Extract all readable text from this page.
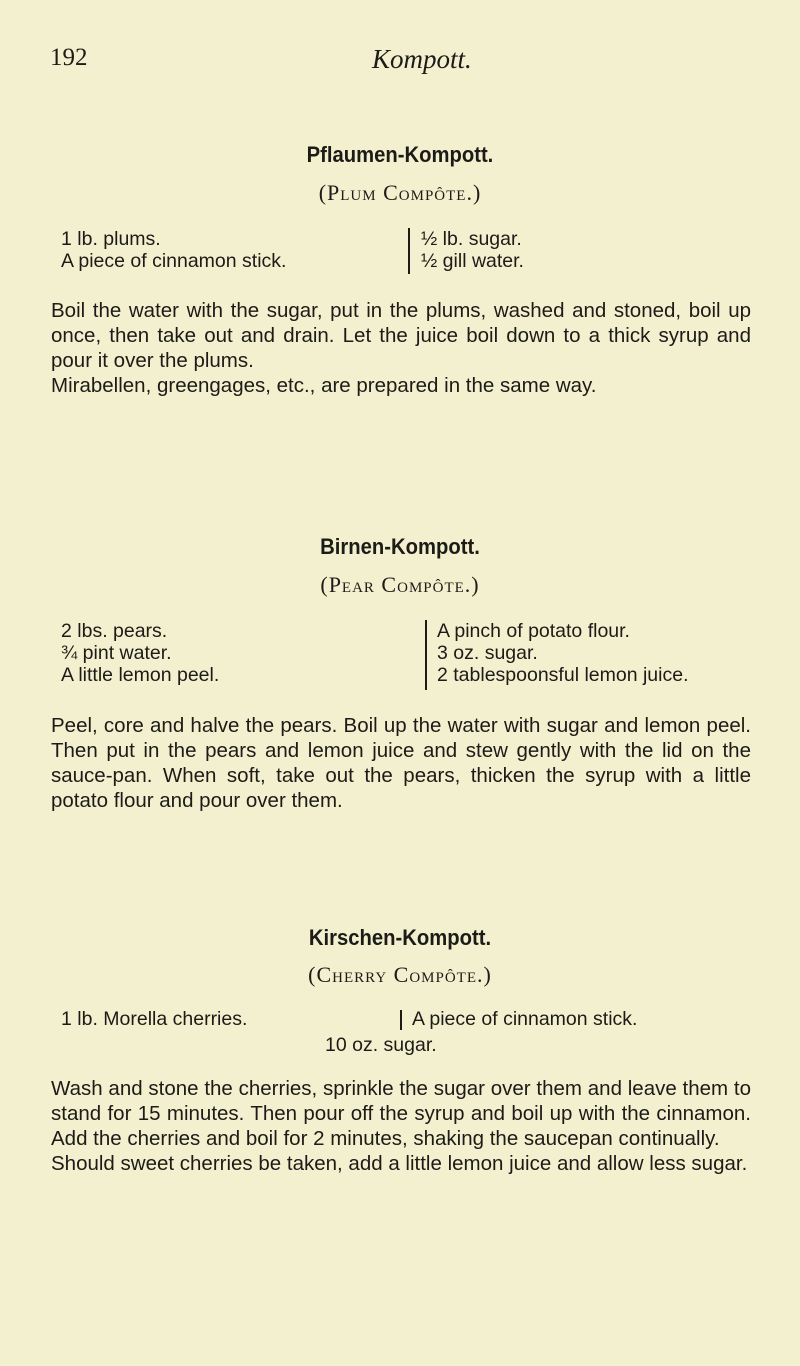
192	Kompott.
Pflaumen-Kompott.
(Plum Compôte.)
1 lb. plums.
A piece of cinnamon stick.
½ lb. sugar.
½ gill water.

Boil the water with the sugar, put in the plums, washed and stoned, boil up once, then take out and drain. Let the juice boil down to a thick syrup and pour it over the plums.

Mirabellen, greengages, etc., are prepared in the same way.

Birnen-Kompott.
(Pear Compôte.)
2 lbs. pears.
¾ pint water.
A little lemon peel.
A pinch of potato flour.
3 oz. sugar.
2 tablespoonsful lemon juice.

Peel, core and halve the pears. Boil up the water with sugar and lemon peel. Then put in the pears and lemon juice and stew gently with the lid on the sauce-pan. When soft, take out the pears, thicken the syrup with a little potato flour and pour over them.

Kirschen-Kompott.
(Cherry Compôte.)
1 lb. Morella cherries.	A piece of cinnamon stick.
10 oz. sugar.

Wash and stone the cherries, sprinkle the sugar over them and leave them to stand for 15 minutes. Then pour off the syrup and boil up with the cinnamon. Add the cherries and boil for 2 minutes, shaking the saucepan continually.

Should sweet cherries be taken, add a little lemon juice and allow less sugar.
